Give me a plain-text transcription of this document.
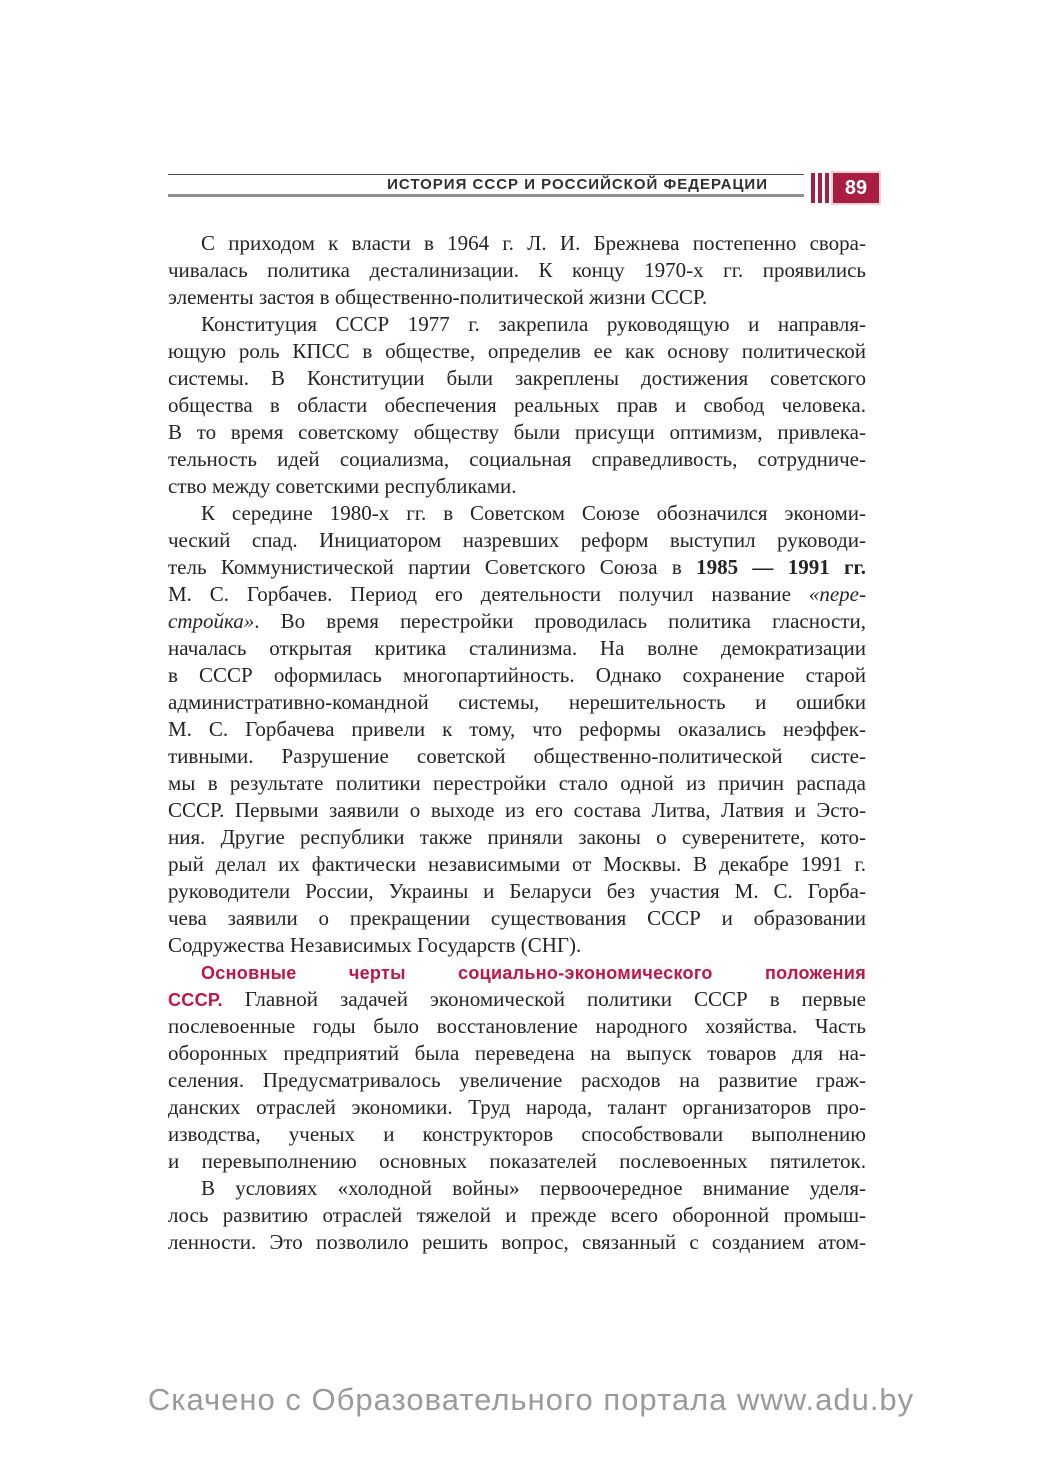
ИСТОРИЯ СССР И РОССИЙСКОЙ ФЕДЕРАЦИИ	89
С приходом к власти в 1964 г. Л. И. Брежнева постепенно свора-
чивалась политика десталинизации. К концу 1970-х гг. проявились
элементы застоя в общественно-политической жизни СССР.
Конституция СССР 1977 г. закрепила руководящую и направля-
ющую роль КПСС в обществе, определив ее как основу политической
системы. В Конституции были закреплены достижения советского
общества в области обеспечения реальных прав и свобод человека.
В то время советскому обществу были присущи оптимизм, привлека-
тельность идей социализма, социальная справедливость, сотрудниче-
ство между советскими республиками.
К середине 1980-х гг. в Советском Союзе обозначился экономи-
ческий спад. Инициатором назревших реформ выступил руководи-
тель Коммунистической партии Советского Союза в 1985 — 1991 гг.
М. С. Горбачев. Период его деятельности получил название «пере-
стройка». Во время перестройки проводилась политика гласности,
началась открытая критика сталинизма. На волне демократизации
в СССР оформилась многопартийность. Однако сохранение старой
административно-командной системы, нерешительность и ошибки
М. С. Горбачева привели к тому, что реформы оказались неэффек-
тивными. Разрушение советской общественно-политической систе-
мы в результате политики перестройки стало одной из причин распада
СССР. Первыми заявили о выходе из его состава Литва, Латвия и Эсто-
ния. Другие республики также приняли законы о суверенитете, кото-
рый делал их фактически независимыми от Москвы. В декабре 1991 г.
руководители России, Украины и Беларуси без участия М. С. Горба-
чева заявили о прекращении существования СССР и образовании
Содружества Независимых Государств (СНГ).
Основные черты социально-экономического положения
СССР. Главной задачей экономической политики СССР в первые
послевоенные годы было восстановление народного хозяйства. Часть
оборонных предприятий была переведена на выпуск товаров для на-
селения. Предусматривалось увеличение расходов на развитие граж-
данских отраслей экономики. Труд народа, талант организаторов про-
изводства, ученых и конструкторов способствовали выполнению
и перевыполнению основных показателей послевоенных пятилеток.
В условиях «холодной войны» первоочередное внимание уделя-
лось развитию отраслей тяжелой и прежде всего оборонной промыш-
ленности. Это позволило решить вопрос, связанный с созданием атом-
Скачено с Образовательного портала www.adu.by
